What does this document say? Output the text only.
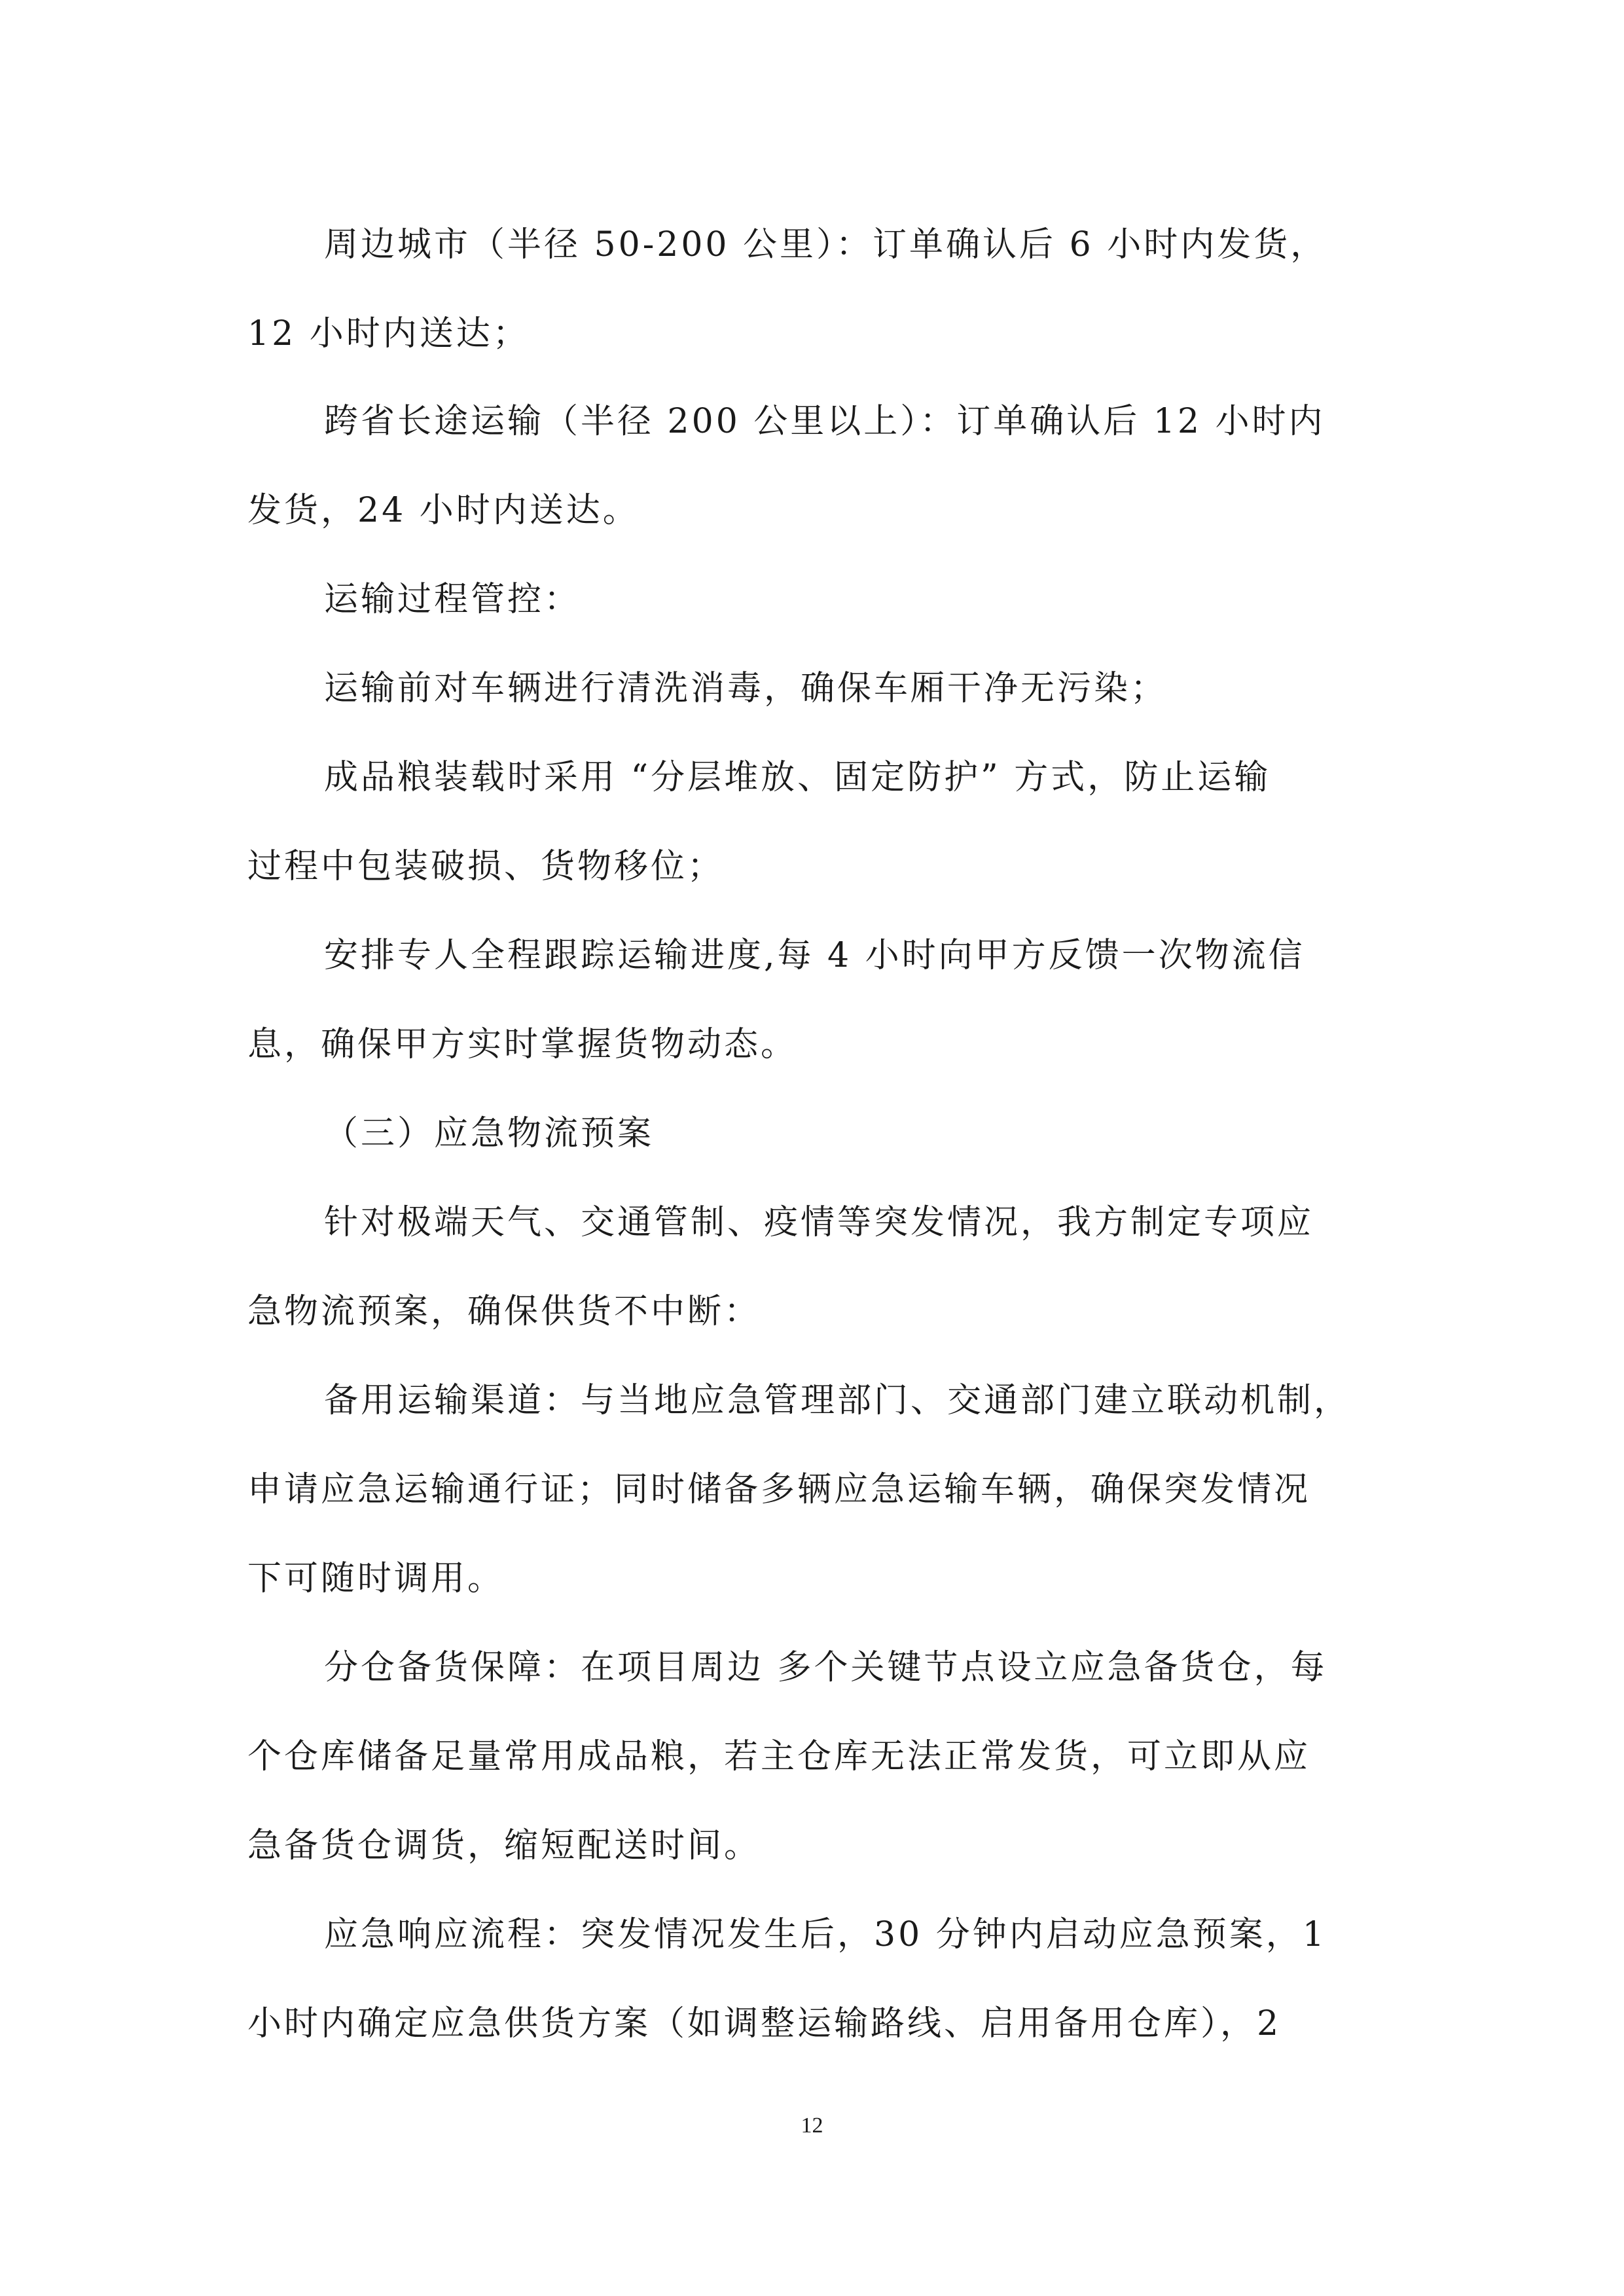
周边城市（半径 50-200 公里）：订单确认后 6 小时内发货，
12 小时内送达；
跨省长途运输（半径 200 公里以上）：订单确认后 12 小时内
发货，24 小时内送达。
运输过程管控：
运输前对车辆进行清洗消毒，确保车厢干净无污染；
成品粮装载时采用 “分层堆放、固定防护” 方式，防止运输
过程中包装破损、货物移位；
安排专人全程跟踪运输进度,每 4 小时向甲方反馈一次物流信
息，确保甲方实时掌握货物动态。
（三）应急物流预案
针对极端天气、交通管制、疫情等突发情况，我方制定专项应
急物流预案，确保供货不中断：
备用运输渠道：与当地应急管理部门、交通部门建立联动机制，
申请应急运输通行证；同时储备多辆应急运输车辆，确保突发情况
下可随时调用。
分仓备货保障：在项目周边 多个关键节点设立应急备货仓，每
个仓库储备足量常用成品粮，若主仓库无法正常发货，可立即从应
急备货仓调货，缩短配送时间。
应急响应流程：突发情况发生后，30 分钟内启动应急预案，1
小时内确定应急供货方案（如调整运输路线、启用备用仓库），2
12
